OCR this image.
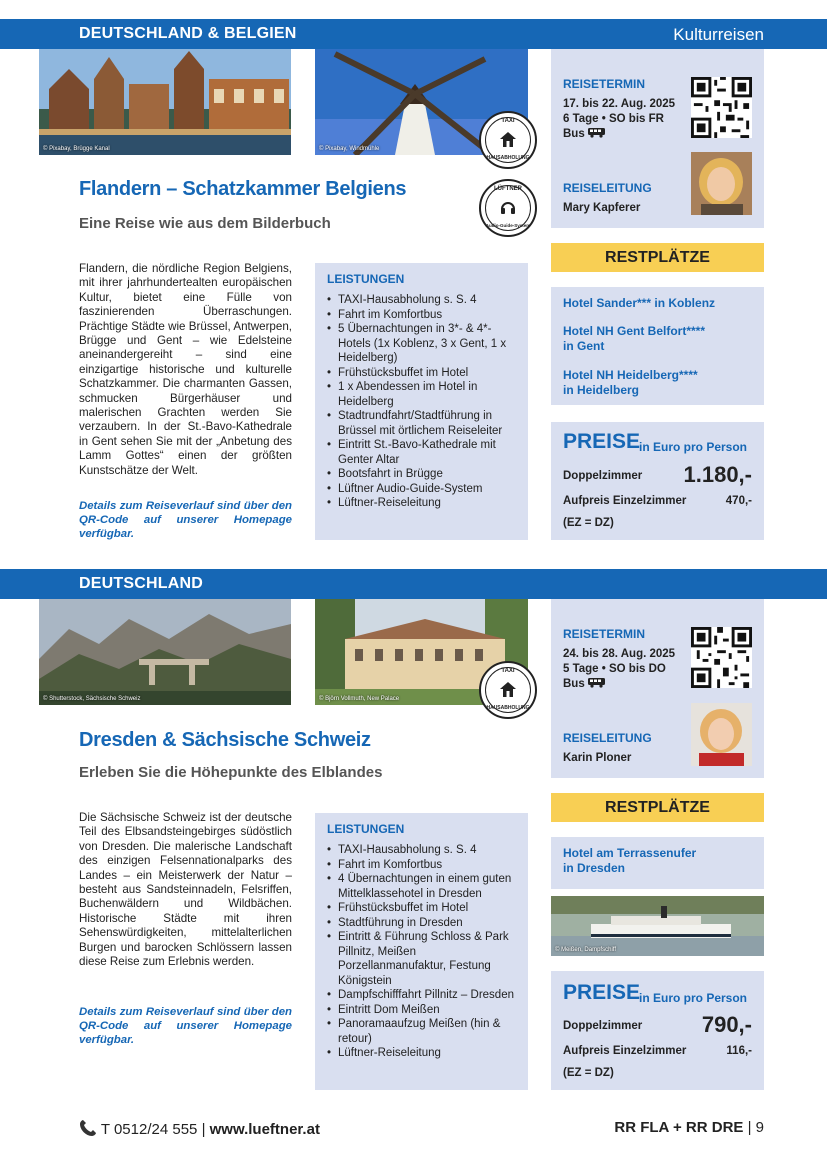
DEUTSCHLAND & BELGIEN	Kulturreisen
© Pixabay, Brügge Kanal	© Pixabay, Windmühle
TAXI
HAUSABHOLUNG
LÜFTNER
Audio-Guide-System
Flandern – Schatzkammer Belgiens
Eine Reise wie aus dem Bilderbuch
Flandern, die nördliche Region Belgiens, mit ihrer jahrhundertealten europäischen Kultur, bietet eine Fülle von faszinierenden Überraschungen. Prächtige Städte wie Brüssel, Antwerpen, Brügge und Gent – wie Edelsteine aneinandergereiht – sind eine einzigartige historische und kulturelle Schatzkammer. Die charmanten Gassen, schmucken Bürgerhäuser und malerischen Grachten werden Sie verzaubern. In der St.-Bavo-Kathedrale in Gent sehen Sie mit der „Anbetung des Lamm Gottes“ einen der größten Kunstschätze der Welt.
Details zum Reiseverlauf sind über den QR-Code auf unserer Homepage verfügbar.
LEISTUNGEN
• TAXI-Hausabholung s. S. 4
• Fahrt im Komfortbus
• 5 Übernachtungen in 3*- & 4*-Hotels (1x Koblenz, 3 x Gent, 1 x Heidelberg)
• Frühstücksbuffet im Hotel
• 1 x Abendessen im Hotel in Heidelberg
• Stadtrundfahrt/Stadtführung in Brüssel mit örtlichem Reiseleiter
• Eintritt St.-Bavo-Kathedrale mit Genter Altar
• Bootsfahrt in Brügge
• Lüftner Audio-Guide-System
• Lüftner-Reiseleitung
REISETERMIN
17. bis 22. Aug. 2025
6 Tage • SO bis FR
Bus
REISELEITUNG
Mary Kapferer
RESTPLÄTZE
Hotel Sander*** in Koblenz
Hotel NH Gent Belfort****
in Gent
Hotel NH Heidelberg****
in Heidelberg
PREISE
in Euro pro Person
Doppelzimmer 1.180,-
Aufpreis Einzelzimmer	470,-
(EZ = DZ)
DEUTSCHLAND
© Shutterstock, Sächsische Schweiz	© Björn Vollmuth, New Palace
TAXI
HAUSABHOLUNG
Dresden & Sächsische Schweiz
Erleben Sie die Höhepunkte des Elblandes
Die Sächsische Schweiz ist der deutsche Teil des Elbsandsteingebirges südöstlich von Dresden. Die malerische Landschaft des einzigen Felsennationalparks des Landes – ein Meisterwerk der Natur – besteht aus Sandsteinnadeln, Felsriffen, Buchenwäldern und Wildbächen. Historische Städte mit ihren Sehenswürdigkeiten, mittelalterlichen Burgen und barocken Schlössern lassen diese Reise zum Erlebnis werden.
Details zum Reiseverlauf sind über den QR-Code auf unserer Homepage verfügbar.
LEISTUNGEN
• TAXI-Hausabholung s. S. 4
• Fahrt im Komfortbus
• 4 Übernachtungen in einem guten Mittelklassehotel in Dresden
• Frühstücksbuffet im Hotel
• Stadtführung in Dresden
• Eintritt & Führung Schloss & Park Pillnitz, Meißen Porzellanmanufaktur, Festung Königstein
• Dampfschifffahrt Pillnitz – Dresden
• Eintritt Dom Meißen
• Panoramaaufzug Meißen (hin & retour)
• Lüftner-Reiseleitung
REISETERMIN
24. bis 28. Aug. 2025
5 Tage • SO bis DO
Bus
REISELEITUNG
Karin Ploner
RESTPLÄTZE
Hotel am Terrassenufer
in Dresden
© Meißen, Dampfschiff
PREISE
in Euro pro Person
Doppelzimmer	790,-
Aufpreis Einzelzimmer	116,-
(EZ = DZ)
T 0512/24 555 | www.lueftner.at	RR FLA + RR DRE | 9
